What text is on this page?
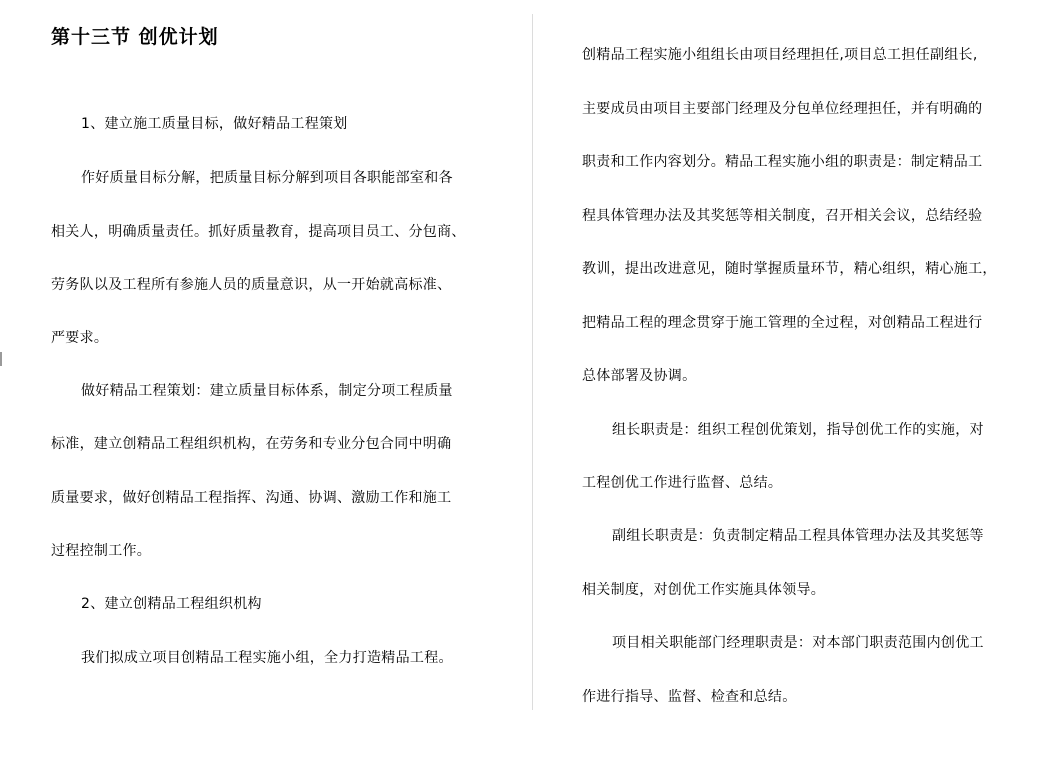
第十三节 创优计划

1、建立施工质量目标，做好精品工程策划

作好质量目标分解，把质量目标分解到项目各职能部室和各

相关人，明确质量责任。抓好质量教育，提高项目员工、分包商、

劳务队以及工程所有参施人员的质量意识，从一开始就高标准、

严要求。

做好精品工程策划：建立质量目标体系，制定分项工程质量

标准，建立创精品工程组织机构，在劳务和专业分包合同中明确

质量要求，做好创精品工程指挥、沟通、协调、激励工作和施工

过程控制工作。

2、建立创精品工程组织机构

我们拟成立项目创精品工程实施小组，全力打造精品工程。

创精品工程实施小组组长由项目经理担任,项目总工担任副组长,

主要成员由项目主要部门经理及分包单位经理担任，并有明确的

职责和工作内容划分。精品工程实施小组的职责是：制定精品工

程具体管理办法及其奖惩等相关制度，召开相关会议，总结经验

教训，提出改进意见，随时掌握质量环节，精心组织，精心施工，

把精品工程的理念贯穿于施工管理的全过程，对创精品工程进行

总体部署及协调。

组长职责是：组织工程创优策划，指导创优工作的实施，对

工程创优工作进行监督、总结。

副组长职责是：负责制定精品工程具体管理办法及其奖惩等

相关制度，对创优工作实施具体领导。

项目相关职能部门经理职责是：对本部门职责范围内创优工

作进行指导、监督、检查和总结。
